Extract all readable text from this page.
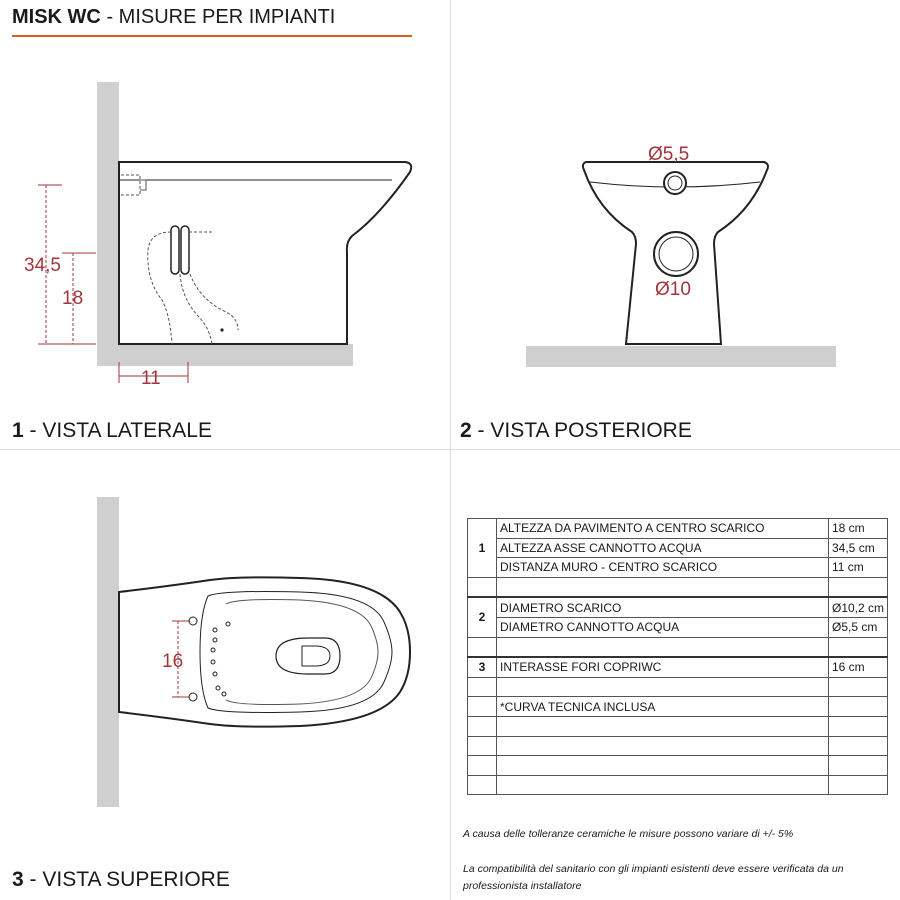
MISK WC - MISURE PER IMPIANTI
34,5
18
11
Ø5,5
Ø10
16
1 - VISTA LATERALE	2 - VISTA POSTERIORE
3 - VISTA SUPERIORE
1	ALTEZZA DA PAVIMENTO A CENTRO SCARICO	18 cm
	ALTEZZA ASSE CANNOTTO ACQUA	34,5 cm
	DISTANZA MURO - CENTRO SCARICO	11 cm

2	DIAMETRO SCARICO	Ø10,2 cm
	DIAMETRO CANNOTTO ACQUA	Ø5,5 cm

3	INTERASSE FORI COPRIWC	16 cm

	*CURVA TECNICA INCLUSA	

A causa delle tolleranze ceramiche le misure possono variare di +/- 5%
La compatibilità del sanitario con gli impianti esistenti deve essere verificata da un professionista installatore
